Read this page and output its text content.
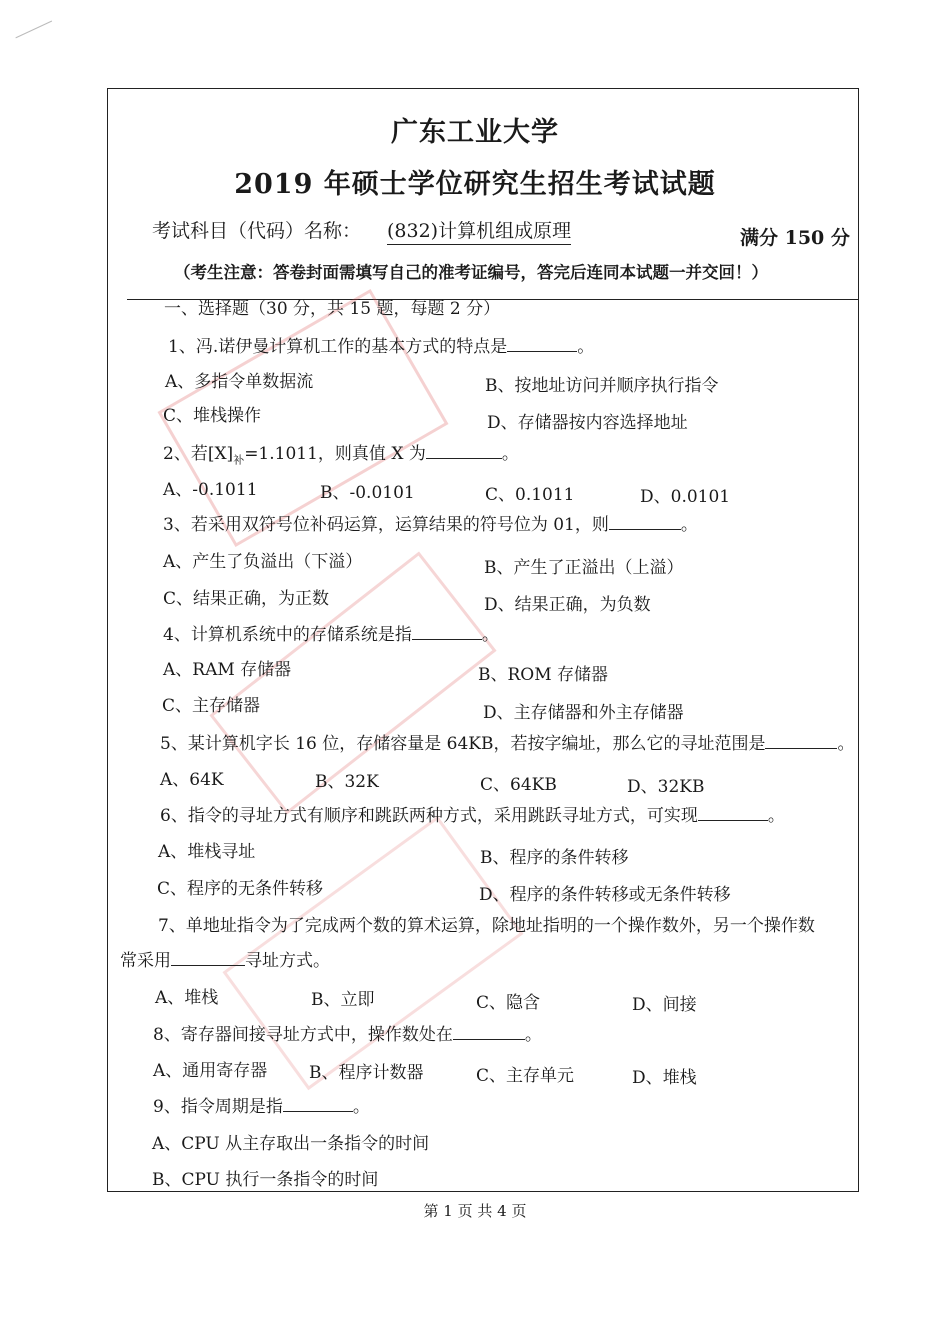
广东工业大学
2019 年硕士学位研究生招生考试试题
考试科目（代码）名称： (832)计算机组成原理	满分 150 分
（考生注意：答卷封面需填写自己的准考证编号，答完后连同本试题一并交回！）
一、选择题（30 分，共 15 题，每题 2 分）
1、冯.诺伊曼计算机工作的基本方式的特点是	。
A、多指令单数据流	B、按地址访问并顺序执行指令
C、堆栈操作	D、存储器按内容选择地址
2、若$[X]_补=1.1011$，则真值 X 为	。
A、-0.1011	B、-0.0101	C、0.1011	D、0.0101
3、若采用双符号位补码运算，运算结果的符号位为 01，则	。
A、产生了负溢出（下溢）	B、产生了正溢出（上溢）
C、结果正确，为正数	D、结果正确，为负数
4、计算机系统中的存储系统是指	。
A、RAM 存储器	B、ROM 存储器
C、主存储器	D、主存储器和外主存储器
5、某计算机字长 16 位，存储容量是 64KB，若按字编址，那么它的寻址范围是	。
A、64K	B、32K	C、64KB	D、32KB
6、指令的寻址方式有顺序和跳跃两种方式，采用跳跃寻址方式，可实现	。
A、堆栈寻址	B、程序的条件转移
C、程序的无条件转移	D、程序的条件转移或无条件转移
7、单地址指令为了完成两个数的算术运算，除地址指明的一个操作数外，另一个操作数
常采用	寻址方式。
A、堆栈	B、立即	C、隐含	D、间接
8、寄存器间接寻址方式中，操作数处在	。
A、通用寄存器 B、程序计数器	C、主存单元	D、堆栈
9、指令周期是指	。
A、CPU 从主存取出一条指令的时间
B、CPU 执行一条指令的时间
第 1 页 共 4 页
